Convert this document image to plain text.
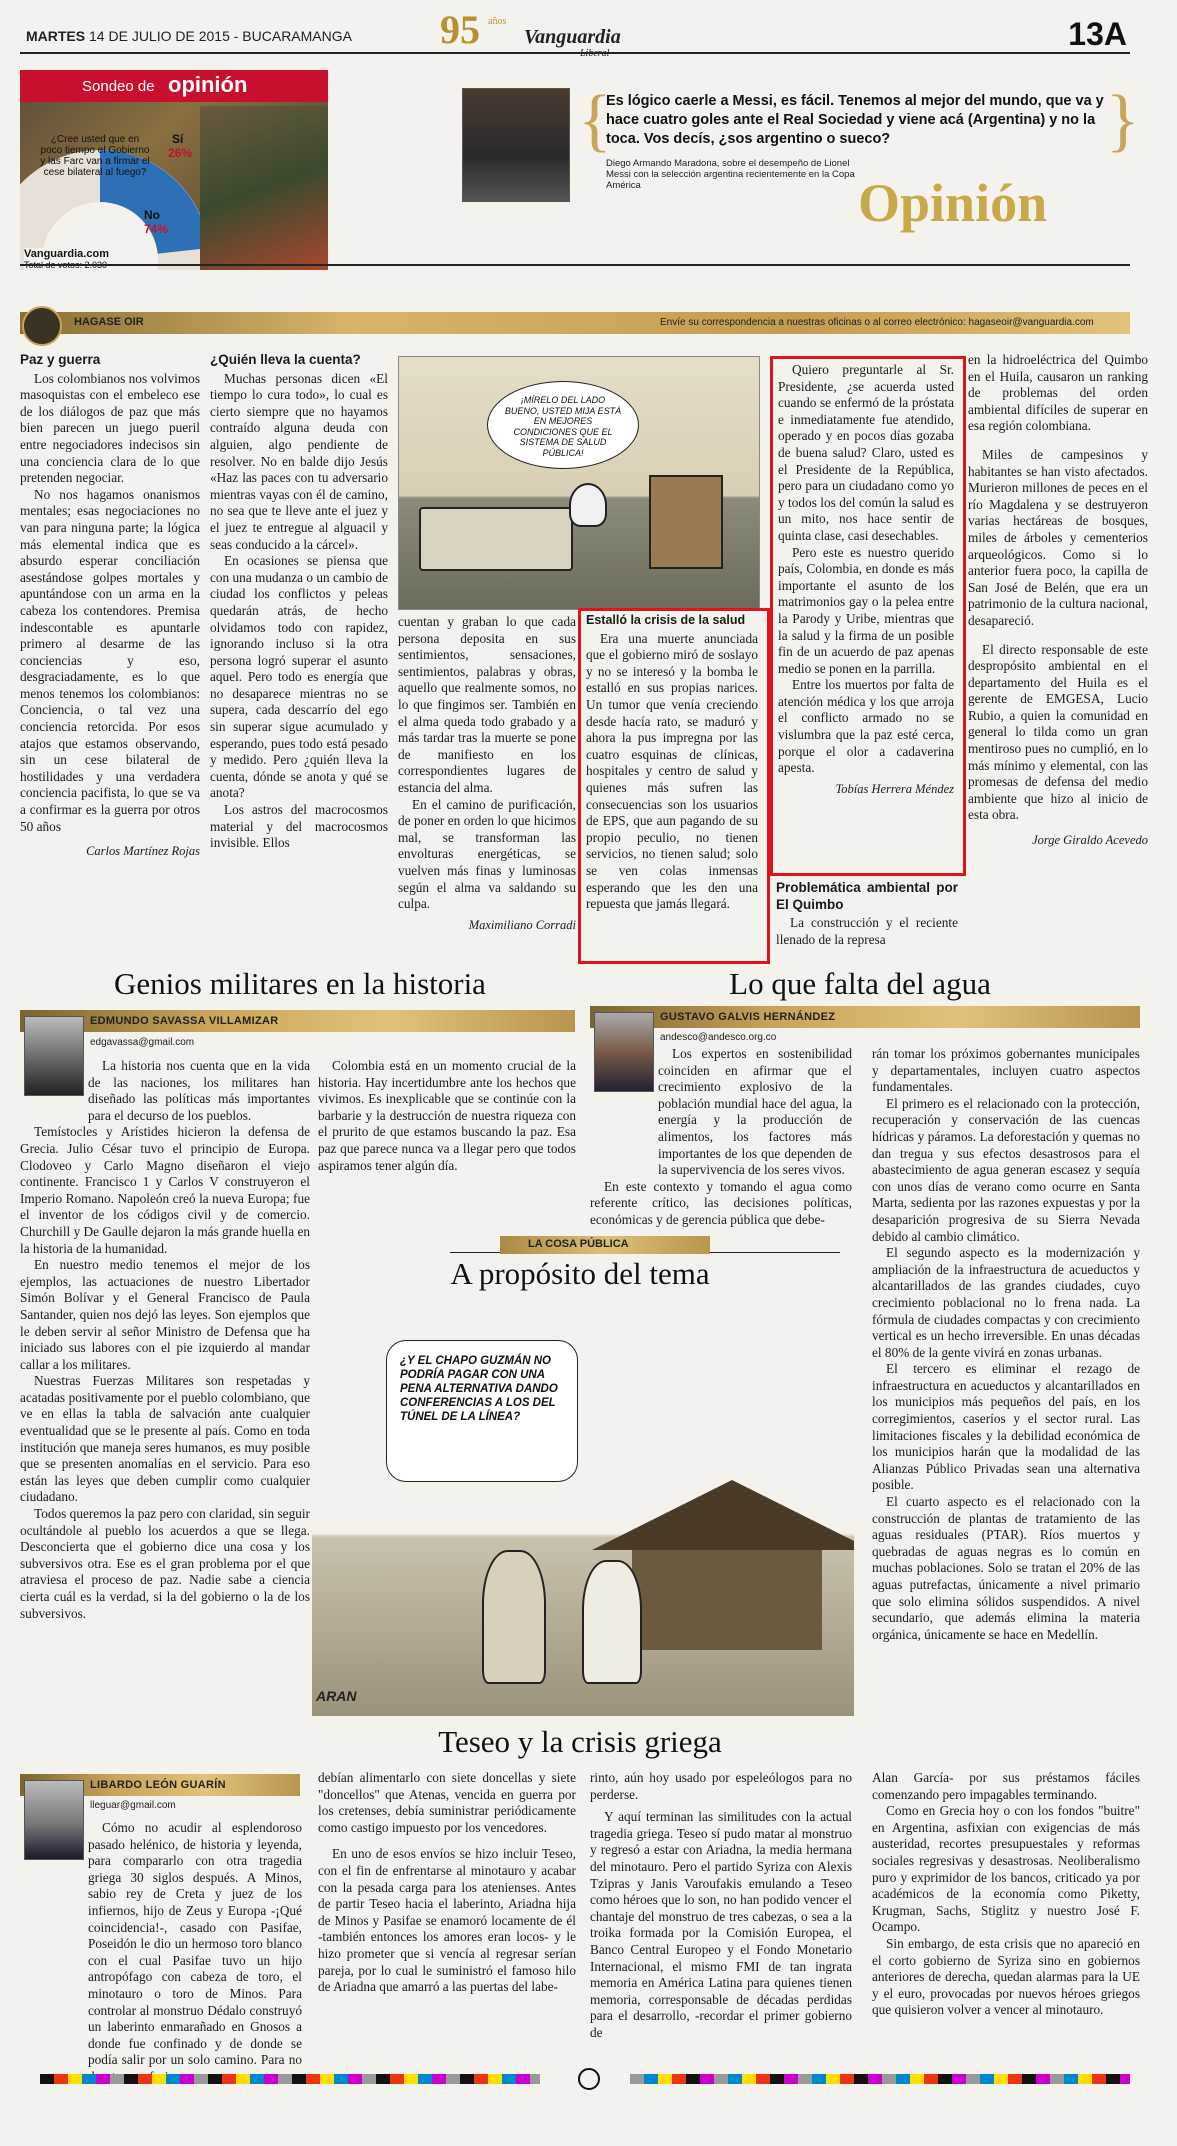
MARTES 14 DE JULIO DE 2015 - BUCARAMANGA 95 años
Vanguardia	13A
Sondeo de opinión
¿Cree usted que en poco tiempo el Gobierno y las Farc van a firmar el cese bilateral al fuego?
Sí
26%
No
74%
Vanguardia.com
{	}
Es lógico caerle a Messi, es fácil. Tenemos al mejor del mundo, que va y hace cuatro goles ante el Real Sociedad y viene acá (Argentina) y no la toca. Vos decís, ¿sos argentino o sueco?
Diego Armando Maradona, sobre el desempeño de Lionel Messi con la selección argentina recientemente en la Copa América	Opinión
HAGASE OIR	Envíe su correspondencia a nuestras oficinas o al correo electrónico: hagaseoir@vanguardia.com
Paz y guerra

Los colombianos nos volvimos masoquistas con el embeleco ese de los diálogos de paz que más bien parecen un juego pueril entre negociadores indecisos sin una conciencia clara de lo que pretenden negociar.

No nos hagamos onanismos mentales; esas negociaciones no van para ninguna parte; la lógica más elemental indica que es absurdo esperar conciliación asestándose golpes mortales y apuntándose con un arma en la cabeza los contendores. Premisa indescontable es apuntarle primero al desarme de las conciencias y eso, desgraciadamente, es lo que menos tenemos los colombianos: Conciencia, o tal vez una conciencia retorcida. Por esos atajos que estamos observando, sin un cese bilateral de hostilidades y una verdadera conciencia pacifista, lo que se va a confirmar es la guerra por otros 50 años

Carlos Martínez Rojas

¿Quién lleva la cuenta?

Muchas personas dicen «El tiempo lo cura todo», lo cual es cierto siempre que no hayamos contraído alguna deuda con alguien, algo pendiente de resolver. No en balde dijo Jesús «Haz las paces con tu adversario mientras vayas con él de camino, no sea que te lleve ante el juez y el juez te entregue al alguacil y seas conducido a la cárcel».

En ocasiones se piensa que con una mudanza o un cambio de ciudad los conflictos y peleas quedarán atrás, de hecho olvidamos todo con rapidez, ignorando incluso si la otra persona logró superar el asunto aquel. Pero todo es energía que no desaparece mientras no se supera, cada descarrío del ego sin superar sigue acumulado y esperando, pues todo está pesado y medido. Pero ¿quién lleva la cuenta, dónde se anota y qué se anota?

Los astros del macrocosmos material y del macrocosmos invisible. Ellos

¡MÍRELO DEL LADO BUENO, USTED MIJA ESTÁ EN MEJORES CONDICIONES QUE EL SISTEMA DE SALUD PÚBLICA!

cuentan y graban lo que cada persona deposita en sus sentimientos, sensaciones, sentimientos, palabras y obras, aquello que realmente somos, no lo que fingimos ser. También en el alma queda todo grabado y a más tardar tras la muerte se pone de manifiesto en los correspondientes lugares de estancia del alma.

En el camino de purificación, de poner en orden lo que hicimos mal, se transforman las envolturas energéticas, se vuelven más finas y luminosas según el alma va saldando su culpa.

Maximiliano Corradi

Estalló la crisis de la salud

Era una muerte anunciada que el gobierno miró de soslayo y no se interesó y la bomba le estalló en sus propias narices. Un tumor que venía creciendo desde hacía rato, se maduró y ahora la pus impregna por las cuatro esquinas de clínicas, hospitales y centro de salud y quienes más sufren las consecuencias son los usuarios de EPS, que aun pagando de su propio peculio, no tienen servicios, no tienen salud; solo se ven colas inmensas esperando que les den una repuesta que jamás llegará.

Quiero preguntarle al Sr. Presidente, ¿se acuerda usted cuando se enfermó de la próstata e inmediatamente fue atendido, operado y en pocos días gozaba de buena salud? Claro, usted es el Presidente de la República, pero para un ciudadano como yo y todos los del común la salud es un mito, nos hace sentir de quinta clase, casi desechables.

Pero este es nuestro querido país, Colombia, en donde es más importante el asunto de los matrimonios gay o la pelea entre la Parody y Uribe, mientras que la salud y la firma de un posible fin de un acuerdo de paz apenas medio se ponen en la parrilla.

Entre los muertos por falta de atención médica y los que arroja el conflicto armado no se vislumbra que la paz esté cerca, porque el olor a cadaverina apesta.

Tobías Herrera Méndez

Problemática ambiental por El Quimbo

La construcción y el reciente llenado de la represa

en la hidroeléctrica del Quimbo en el Huila, causaron un ranking de problemas del orden ambiental difíciles de superar en esa región colombiana.

Miles de campesinos y habitantes se han visto afectados. Murieron millones de peces en el río Magdalena y se destruyeron varias hectáreas de bosques, miles de árboles y cementerios arqueológicos. Como si lo anterior fuera poco, la capilla de San José de Belén, que era un patrimonio de la cultura nacional, desapareció.

El directo responsable de este despropósito ambiental en el departamento del Huila es el gerente de EMGESA, Lucio Rubio, a quien la comunidad en general lo tilda como un gran mentiroso pues no cumplió, en lo más mínimo y elemental, con las promesas de defensa del medio ambiente que hizo al inicio de esta obra.

Jorge Giraldo Acevedo

Genios militares en la historia
EDMUNDO SAVASSA VILLAMIZAR
edgavassa@gmail.com

La historia nos cuenta que en la vida de las naciones, los militares han diseñado las políticas más importantes para el decurso de los pueblos.

Temístocles y Arístides hicieron la defensa de Grecia. Julio César tuvo el principio de Europa. Clodoveo y Carlo Magno diseñaron el viejo continente. Francisco 1 y Carlos V construyeron el Imperio Romano. Napoleón creó la nueva Europa; fue el inventor de los códigos civil y de comercio. Churchill y De Gaulle dejaron la más grande huella en la historia de la humanidad.

En nuestro medio tenemos el mejor de los ejemplos, las actuaciones de nuestro Libertador Simón Bolívar y el General Francisco de Paula Santander, quien nos dejó las leyes. Son ejemplos que le deben servir al señor Ministro de Defensa que ha iniciado sus labores con el pie izquierdo al mandar callar a los militares.

Nuestras Fuerzas Militares son respetadas y acatadas positivamente por el pueblo colombiano, que ve en ellas la tabla de salvación ante cualquier eventualidad que se le presente al país. Como en toda institución que maneja seres humanos, es muy posible que se presenten anomalías en el servicio. Para eso están las leyes que deben cumplir como cualquier ciudadano.

Todos queremos la paz pero con claridad, sin seguir ocultándole al pueblo los acuerdos a que se llega. Desconcierta que el gobierno dice una cosa y los subversivos otra. Ese es el gran problema por el que atraviesa el proceso de paz. Nadie sabe a ciencia cierta cuál es la verdad, si la del gobierno o la de los subversivos.

Colombia está en un momento crucial de la historia. Hay incertidumbre ante los hechos que vivimos. Es inexplicable que se continúe con la barbarie y la destrucción de nuestra riqueza con el prurito de que estamos buscando la paz. Esa paz que parece nunca va a llegar pero que todos aspiramos tener algún día.

Lo que falta del agua
GUSTAVO GALVIS HERNÁNDEZ
andesco@andesco.org.co

Los expertos en sostenibilidad coinciden en afirmar que el crecimiento explosivo de la población mundial hace del agua, la energía y la producción de alimentos, los factores más importantes de los que dependen de la supervivencia de los seres vivos.

En este contexto y tomando el agua como referente crítico, las decisiones políticas, económicas y de gerencia pública que debe-

rán tomar los próximos gobernantes municipales y departamentales, incluyen cuatro aspectos fundamentales.

El primero es el relacionado con la protección, recuperación y conservación de las cuencas hídricas y páramos. La deforestación y quemas no dan tregua y sus efectos desastrosos para el abastecimiento de agua generan escasez y sequía con unos días de verano como ocurre en Santa Marta, sedienta por las razones expuestas y por la desaparición progresiva de su Sierra Nevada debido al cambio climático.

El segundo aspecto es la modernización y ampliación de la infraestructura de acueductos y alcantarillados de las grandes ciudades, cuyo crecimiento poblacional no lo frena nada. La fórmula de ciudades compactas y con crecimiento vertical es un hecho irreversible. En unas décadas el 80% de la gente vivirá en zonas urbanas.

El tercero es eliminar el rezago de infraestructura en acueductos y alcantarillados en los municipios más pequeños del país, en los corregimientos, caseríos y el sector rural. Las limitaciones fiscales y la debilidad económica de los municipios harán que la modalidad de las Alianzas Público Privadas sean una alternativa posible.

El cuarto aspecto es el relacionado con la construcción de plantas de tratamiento de las aguas residuales (PTAR). Ríos muertos y quebradas de aguas negras es lo común en muchas poblaciones. Solo se tratan el 20% de las aguas putrefactas, únicamente a nivel primario que solo elimina sólidos suspendidos. A nivel secundario, que además elimina la materia orgánica, únicamente se hace en Medellín.

LA COSA PÚBLICA
A propósito del tema
¿Y EL CHAPO GUZMÁN NO PODRÍA PAGAR CON UNA PENA ALTERNATIVA DANDO CONFERENCIAS A LOS DEL TÚNEL DE LA LÍNEA?
ARAN
Teseo y la crisis griega
LIBARDO LEÓN GUARÍN
lleguar@gmail.com

Cómo no acudir al esplendoroso pasado helénico, de historia y leyenda, para compararlo con otra tragedia griega 30 siglos después. A Minos, sabio rey de Creta y juez de los infiernos, hijo de Zeus y Europa -¡Qué coincidencia!-, casado con Pasifae, Poseidón le dio un hermoso toro blanco con el cual Pasifae tuvo un hijo antropófago con cabeza de toro, el minotauro o toro de Minos. Para controlar al monstruo Dédalo construyó un laberinto enmarañado en Gnosos a donde fue confinado y de donde se podía salir por un solo camino. Para no

debían alimentarlo con siete doncellas y siete "doncellos" que Atenas, vencida en guerra por los cretenses, debía suministrar periódicamente como castigo impuesto por los vencedores.

En uno de esos envíos se hizo incluir Teseo, con el fin de enfrentarse al minotauro y acabar con la pesada carga para los atenienses. Antes de partir Teseo hacia el laberinto, Ariadna hija de Minos y Pasifae se enamoró locamente de él -también entonces los amores eran locos- y le hizo prometer que si vencía al regresar serían pareja, por lo cual le suministró el famoso hilo de Ariadna que amarró a las puertas del labe-

rinto, aún hoy usado por espeleólogos para no perderse.

Y aquí terminan las similitudes con la actual tragedia griega. Teseo sí pudo matar al monstruo y regresó a estar con Ariadna, la media hermana del minotauro. Pero el partido Syriza con Alexis Tzipras y Janis Varoufakis emulando a Teseo como héroes que lo son, no han podido vencer el chantaje del monstruo de tres cabezas, o sea a la troika formada por la Comisión Europea, el Banco Central Europeo y el Fondo Monetario Internacional, el mismo FMI de tan ingrata memoria en América Latina para quienes tienen memoria, corresponsable de décadas perdidas para el desarrollo, -recordar el primer gobierno de

Alan García- por sus préstamos fáciles comenzando pero impagables terminando.

Como en Grecia hoy o con los fondos "buitre" en Argentina, asfixian con exigencias de más austeridad, recortes presupuestales y reformas sociales regresivas y desastrosas. Neoliberalismo puro y exprimidor de los bancos, criticado ya por académicos de la economía como Piketty, Krugman, Sachs, Stiglitz y nuestro José F. Ocampo.

Sin embargo, de esta crisis que no apareció en el corto gobierno de Syriza sino en gobiernos anteriores de derecha, quedan alarmas para la UE y el euro, provocadas por nuevos héroes griegos que quisieron volver a vencer al minotauro.
